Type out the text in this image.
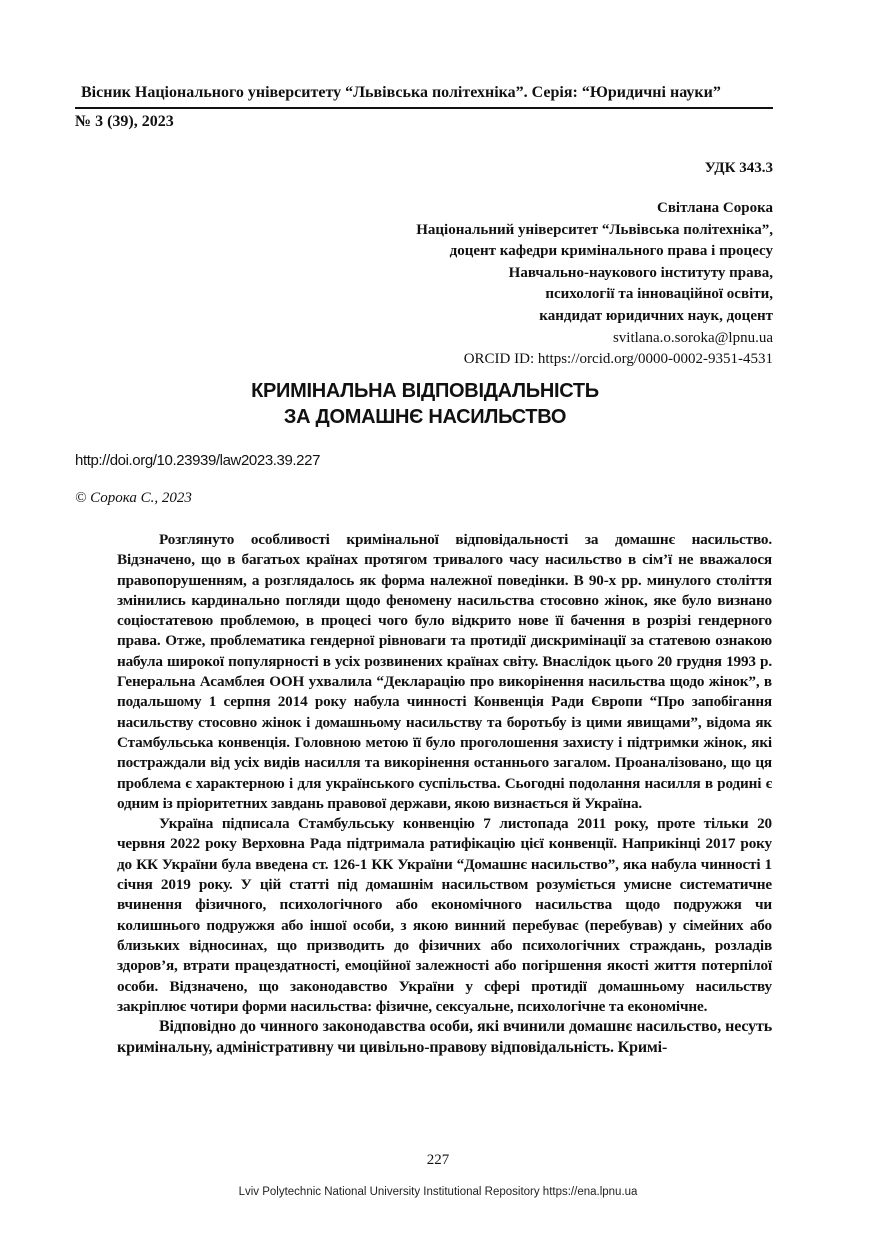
Вісник Національного університету “Львівська політехніка”. Серія: “Юридичні науки”
№ 3 (39), 2023
УДК 343.3
Світлана Сорока
Національний університет “Львівська політехніка”,
доцент кафедри кримінального права і процесу
Навчально-наукового інституту права,
психології та інноваційної освіти,
кандидат юридичних наук, доцент
svitlana.o.soroka@lpnu.ua
ORCID ID: https://orcid.org/0000-0002-9351-4531
КРИМІНАЛЬНА ВІДПОВІДАЛЬНІСТЬ
ЗА ДОМАШНЄ НАСИЛЬСТВО
http://doi.org/10.23939/law2023.39.227
© Сорока С., 2023

Розглянуто особливості кримінальної відповідальності за домашнє насильство. Відзначено, що в багатьох країнах протягом тривалого часу насильство в сім’ї не вважалося правопорушенням, а розглядалось як форма належної поведінки. В 90-х рр. минулого століття змінились кардинально погляди щодо феномену насильства стосовно жінок, яке було визнано соціостатевою проблемою, в процесі чого було відкрито нове її бачення в розрізі гендерного права. Отже, проблематика гендерної рівноваги та протидії дискримінації за статевою ознакою набула широкої популярності в усіх розвинених країнах світу. Внаслідок цього 20 грудня 1993 р. Генеральна Асамблея ООН ухвалила “Декларацію про викорінення насильства щодо жінок”, в подальшому 1 серпня 2014 року набула чинності Конвенція Ради Європи “Про запобігання насильству стосовно жінок і домашньому насильству та боротьбу із цими явищами”, відома як Стамбульська конвенція. Головною метою її було проголошення захисту і підтримки жінок, які постраждали від усіх видів насилля та викорінення останнього загалом. Проаналізовано, що ця проблема є характерною і для українського суспільства. Сьогодні подолання насилля в родині є одним із пріоритетних завдань правової держави, якою визнається й Україна.

Україна підписала Стамбульську конвенцію 7 листопада 2011 року, проте тільки 20 червня 2022 року Верховна Рада підтримала ратифікацію цієї конвенції. Наприкінці 2017 року до КК України була введена ст. 126-1 КК України “Домашнє насильство”, яка набула чинності 1 січня 2019 року. У цій статті під домашнім насильством розуміється умисне систематичне вчинення фізичного, психологічного або економічного насильства щодо подружжя чи колишнього подружжя або іншої особи, з якою винний перебуває (перебував) у сімейних або близьких відносинах, що призводить до фізичних або психологічних страждань, розладів здоров’я, втрати працездатності, емоційної залежності або погіршення якості життя потерпілої особи. Відзначено, що законодавство України у сфері протидії домашньому насильству закріплює чотири форми насильства: фізичне, сексуальне, психологічне та економічне.

Відповідно до чинного законодавства особи, які вчинили домашнє насильство, несуть кримінальну, адміністративну чи цивільно-правову відповідальність. Кримі-

227
Lviv Polytechnic National University Institutional Repository https://ena.lpnu.ua
